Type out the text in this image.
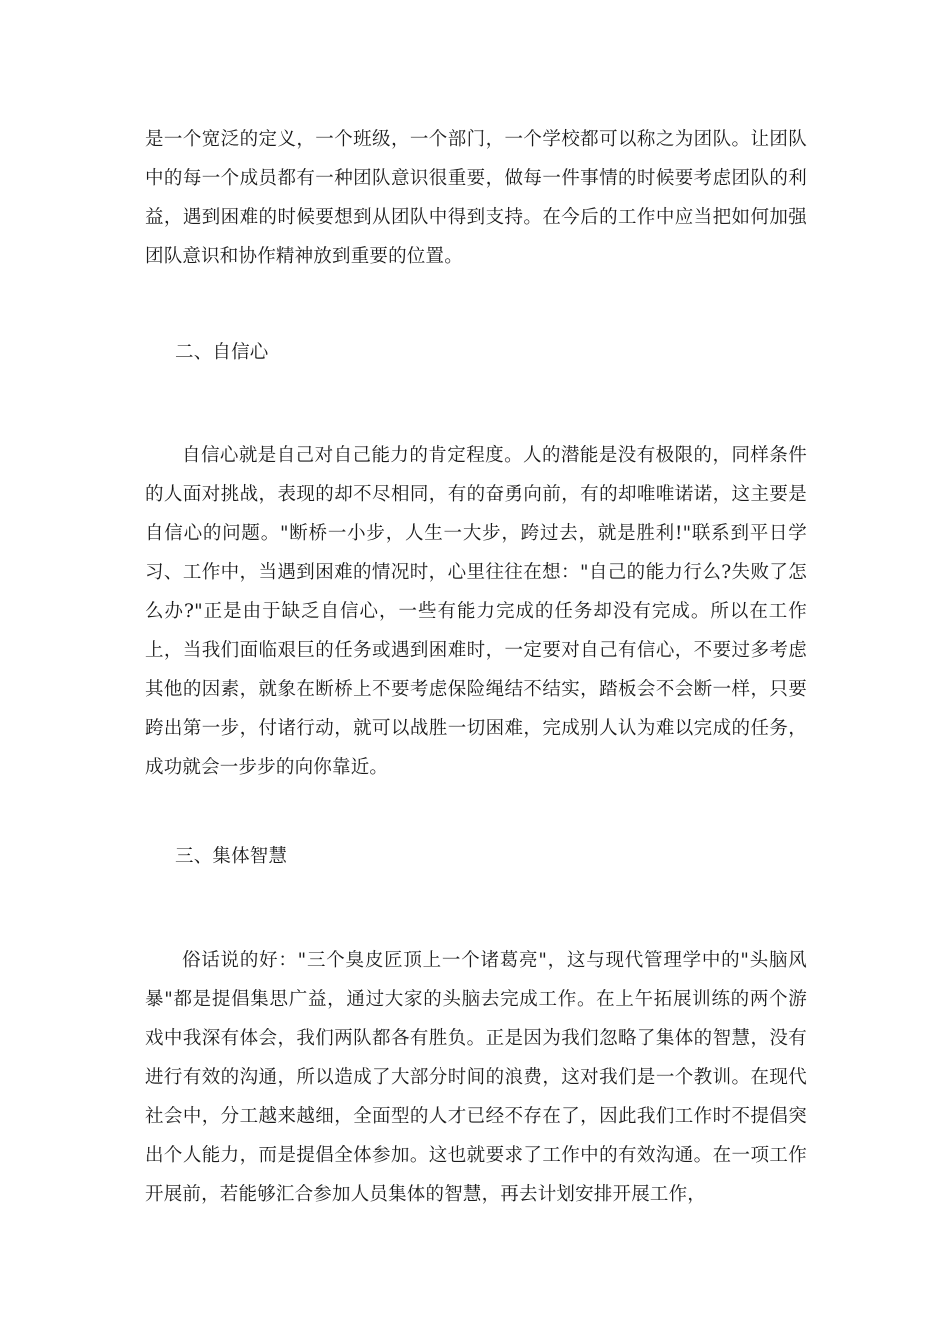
是一个宽泛的定义，一个班级，一个部门，一个学校都可以称之为团队。让团队中的每一个成员都有一种团队意识很重要，做每一件事情的时候要考虑团队的利益，遇到困难的时候要想到从团队中得到支持。在今后的工作中应当把如何加强团队意识和协作精神放到重要的位置。

二、自信心

自信心就是自己对自己能力的肯定程度。人的潜能是没有极限的，同样条件的人面对挑战，表现的却不尽相同，有的奋勇向前，有的却唯唯诺诺，这主要是自信心的问题。"断桥一小步，人生一大步，跨过去，就是胜利!"联系到平日学习、工作中，当遇到困难的情况时，心里往往在想："自己的能力行么?失败了怎么办?"正是由于缺乏自信心，一些有能力完成的任务却没有完成。所以在工作上，当我们面临艰巨的任务或遇到困难时，一定要对自己有信心，不要过多考虑其他的因素，就象在断桥上不要考虑保险绳结不结实，踏板会不会断一样，只要跨出第一步，付诸行动，就可以战胜一切困难，完成别人认为难以完成的任务，成功就会一步步的向你靠近。

三、集体智慧

俗话说的好："三个臭皮匠顶上一个诸葛亮"，这与现代管理学中的"头脑风暴"都是提倡集思广益，通过大家的头脑去完成工作。在上午拓展训练的两个游戏中我深有体会，我们两队都各有胜负。正是因为我们忽略了集体的智慧，没有进行有效的沟通，所以造成了大部分时间的浪费，这对我们是一个教训。在现代社会中，分工越来越细，全面型的人才已经不存在了，因此我们工作时不提倡突出个人能力，而是提倡全体参加。这也就要求了工作中的有效沟通。在一项工作开展前，若能够汇合参加人员集体的智慧，再去计划安排开展工作，
